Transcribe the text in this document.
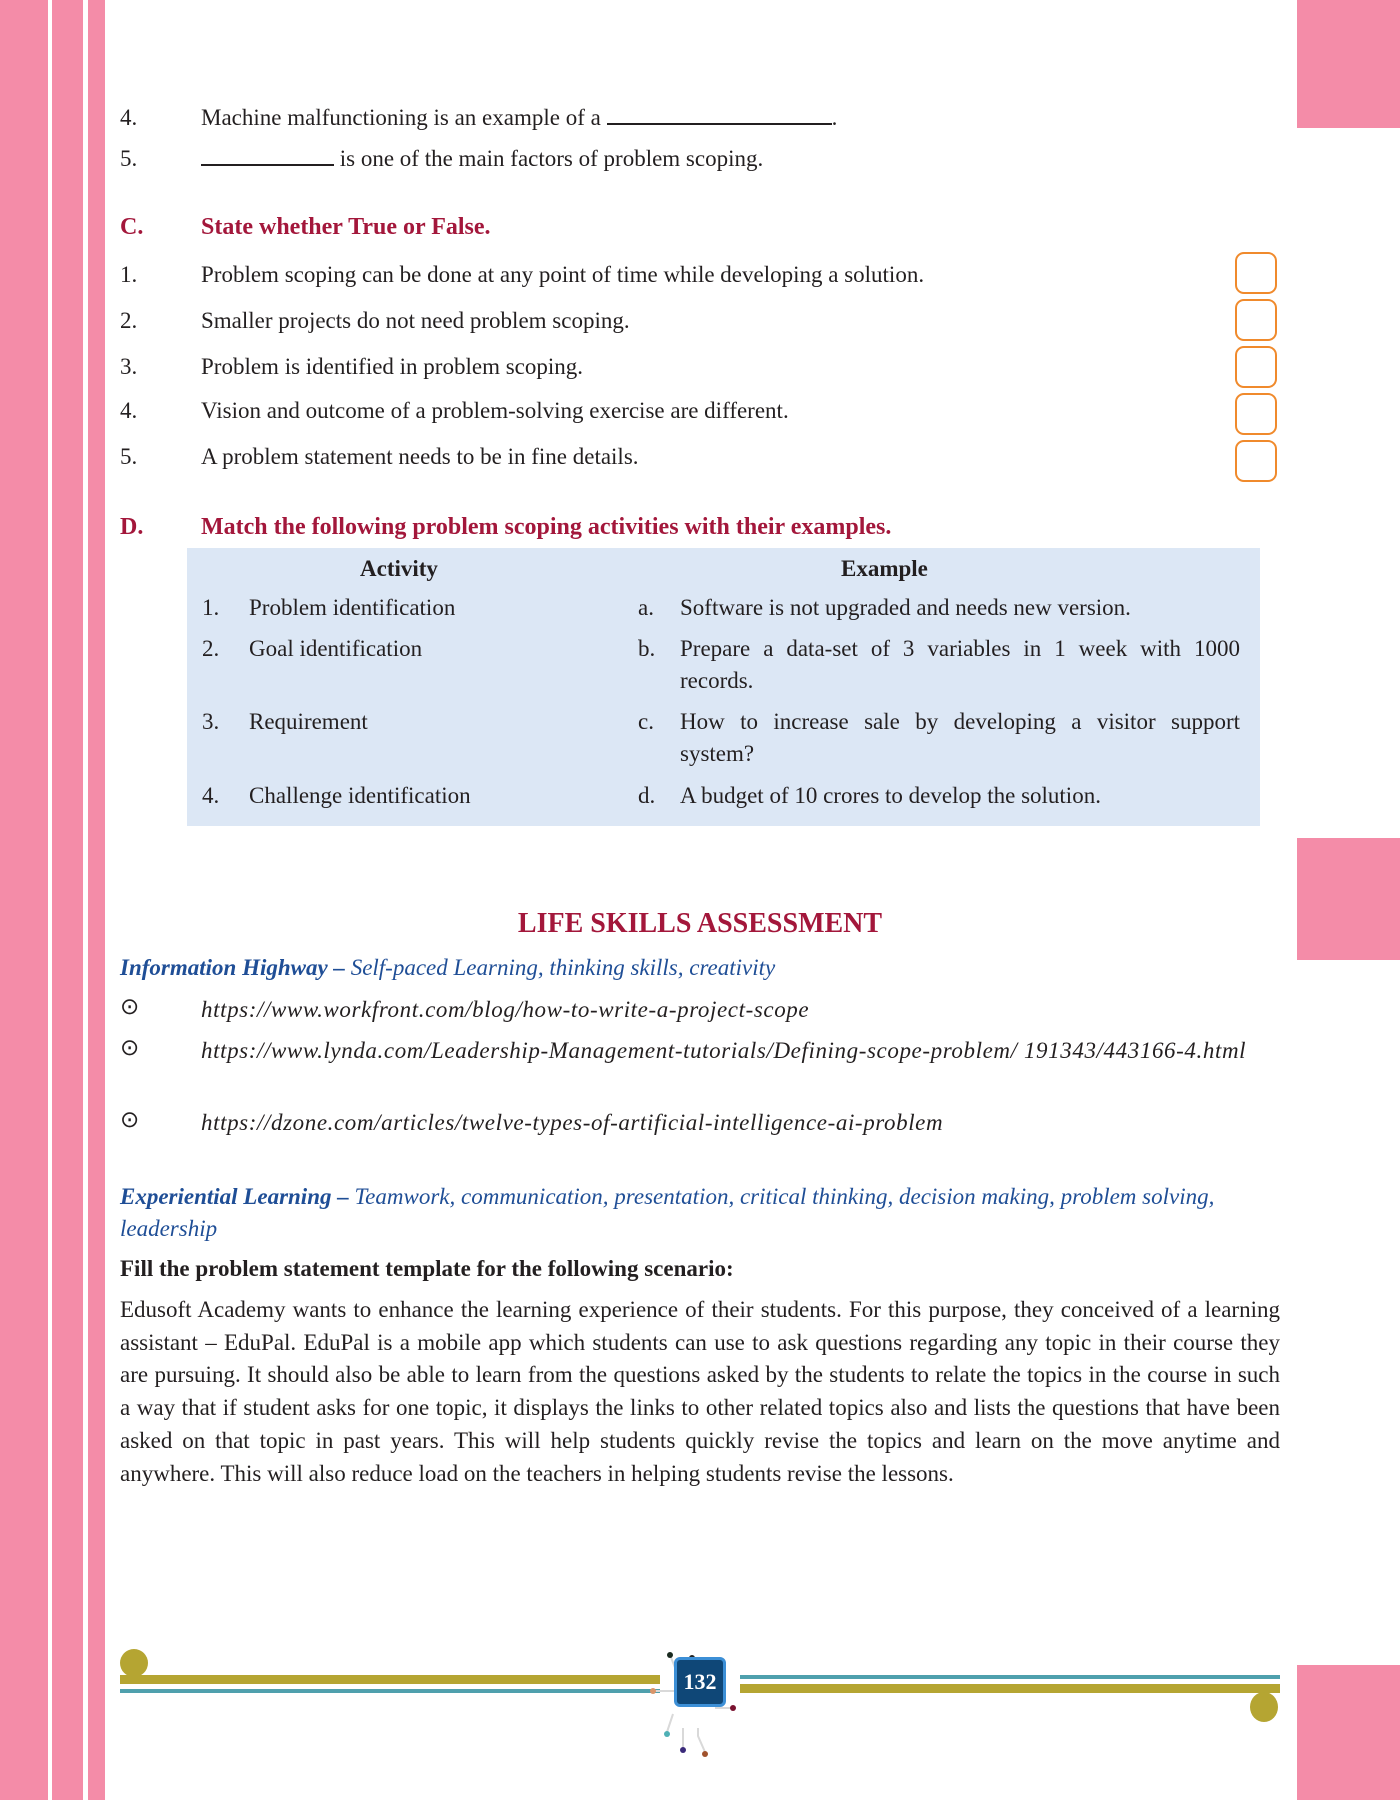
4.	Machine malfunctioning is an example of a	.
5.	is one of the main factors of problem scoping.
C. State whether True or False.
1.	Problem scoping can be done at any point of time while developing a solution.
2.	Smaller projects do not need problem scoping.
3.	Problem is identified in problem scoping.
4.	Vision and outcome of a problem-solving exercise are different.
5.	A problem statement needs to be in fine details.
D. Match the following problem scoping activities with their examples.
Activity	Example
1. Problem identification	a. Software is not upgraded and needs new version.
2. Goal identification	b. Prepare a data-set of 3 variables in 1 week with 1000 records.
3. Requirement	c. How to increase sale by developing a visitor support system?
4. Challenge identification	d. A budget of 10 crores to develop the solution.
LIFE SKILLS ASSESSMENT
Information Highway – Self-paced Learning, thinking skills, creativity
⊙	https://www.workfront.com/blog/how-to-write-a-project-scope
⊙	https://www.lynda.com/Leadership-Management-tutorials/Defining-scope-problem/ 191343/443166-4.html
⊙	https://dzone.com/articles/twelve-types-of-artificial-intelligence-ai-problem
Experiential Learning – Teamwork, communication, presentation, critical thinking, decision making, problem solving, leadership
Fill the problem statement template for the following scenario:
Edusoft Academy wants to enhance the learning experience of their students. For this purpose, they conceived of a learning assistant – EduPal. EduPal is a mobile app which students can use to ask questions regarding any topic in their course they are pursuing. It should also be able to learn from the questions asked by the students to relate the topics in the course in such a way that if student asks for one topic, it displays the links to other related topics also and lists the questions that have been asked on that topic in past years. This will help students quickly revise the topics and learn on the move anytime and anywhere. This will also reduce load on the teachers in helping students revise the lessons.
132
